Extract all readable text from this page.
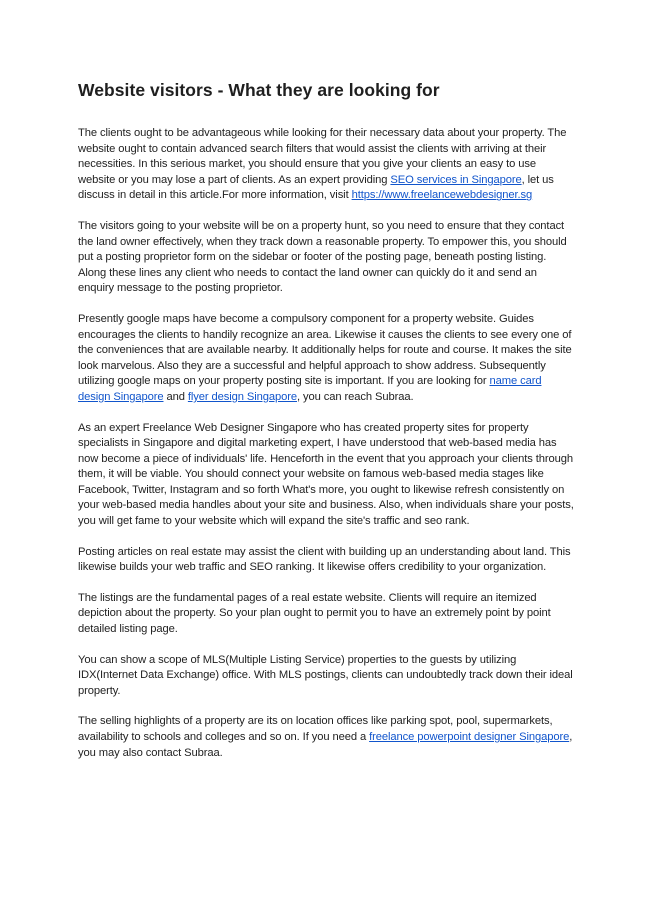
Website visitors - What they are looking for

The clients ought to be advantageous while looking for their necessary data about your property. The website ought to contain advanced search filters that would assist the clients with arriving at their necessities. In this serious market, you should ensure that you give your clients an easy to use website or you may lose a part of clients. As an expert providing SEO services in Singapore, let us discuss in detail in this article.For more information, visit https://www.freelancewebdesigner.sg

The visitors going to your website will be on a property hunt, so you need to ensure that they contact the land owner effectively, when they track down a reasonable property. To empower this, you should put a posting proprietor form on the sidebar or footer of the posting page, beneath posting listing. Along these lines any client who needs to contact the land owner can quickly do it and send an enquiry message to the posting proprietor.

Presently google maps have become a compulsory component for a property website. Guides encourages the clients to handily recognize an area. Likewise it causes the clients to see every one of the conveniences that are available nearby. It additionally helps for route and course. It makes the site look marvelous. Also they are a successful and helpful approach to show address. Subsequently utilizing google maps on your property posting site is important. If you are looking for name card design Singapore and flyer design Singapore, you can reach Subraa.

As an expert Freelance Web Designer Singapore who has created property sites for property specialists in Singapore and digital marketing expert, I have understood that web-based media has now become a piece of individuals' life. Henceforth in the event that you approach your clients through them, it will be viable. You should connect your website on famous web-based media stages like Facebook, Twitter, Instagram and so forth What's more, you ought to likewise refresh consistently on your web-based media handles about your site and business. Also, when individuals share your posts, you will get fame to your website which will expand the site's traffic and seo rank.

Posting articles on real estate may assist the client with building up an understanding about land. This likewise builds your web traffic and SEO ranking. It likewise offers credibility to your organization.

The listings are the fundamental pages of a real estate website. Clients will require an itemized depiction about the property. So your plan ought to permit you to have an extremely point by point detailed listing page.

You can show a scope of MLS(Multiple Listing Service) properties to the guests by utilizing IDX(Internet Data Exchange) office. With MLS postings, clients can undoubtedly track down their ideal property.

The selling highlights of a property are its on location offices like parking spot, pool, supermarkets, availability to schools and colleges and so on. If you need a freelance powerpoint designer Singapore, you may also contact Subraa.
